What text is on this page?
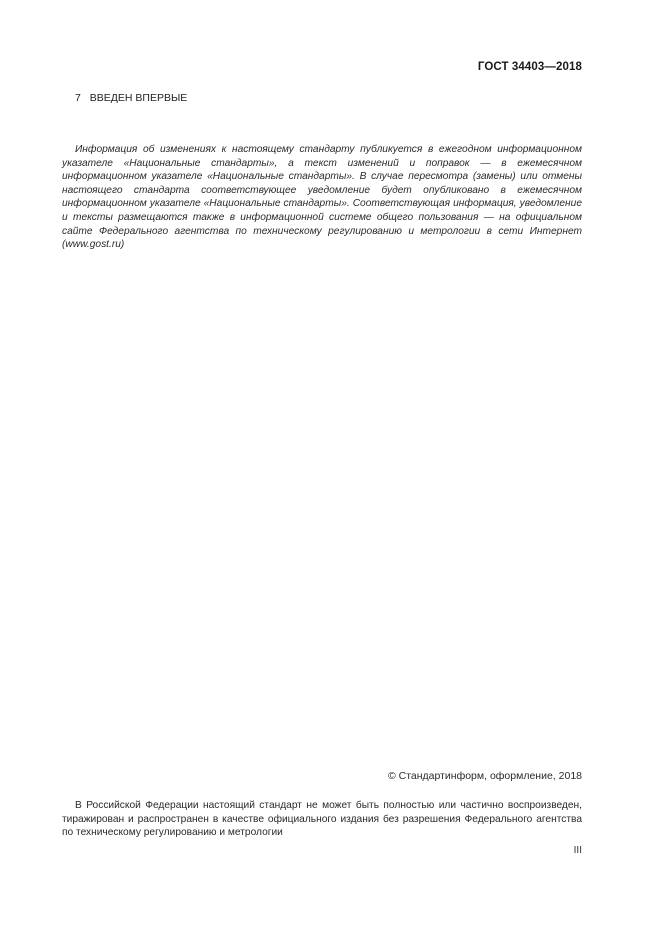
ГОСТ 34403—2018
7 ВВЕДЕН ВПЕРВЫЕ

Информация об изменениях к настоящему стандарту публикуется в ежегодном информационном указателе «Национальные стандарты», а текст изменений и поправок — в ежемесячном информационном указателе «Национальные стандарты». В случае пересмотра (замены) или отмены настоящего стандарта соответствующее уведомление будет опубликовано в ежемесячном информационном указателе «Национальные стандарты». Соответствующая информация, уведомление и тексты размещаются также в информационной системе общего пользования — на официальном сайте Федерального агентства по техническому регулированию и метрологии в сети Интернет (www.gost.ru)

© Стандартинформ, оформление, 2018

В Российской Федерации настоящий стандарт не может быть полностью или частично воспроизведен, тиражирован и распространен в качестве официального издания без разрешения Федерального агентства по техническому регулированию и метрологии

III
